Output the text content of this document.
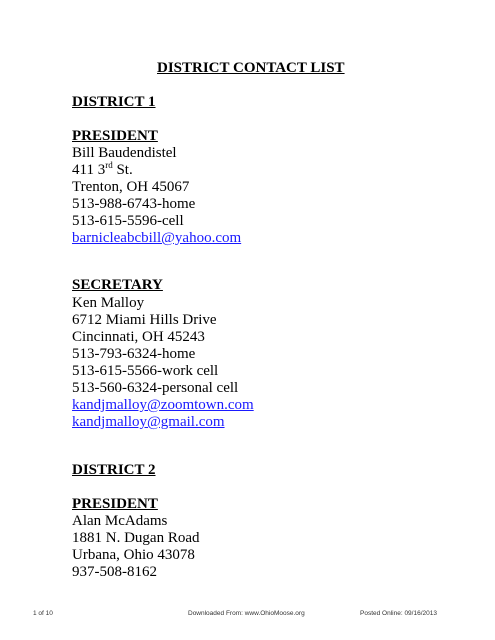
DISTRICT CONTACT LIST
DISTRICT 1
PRESIDENT
Bill Baudendistel
411 3rd St.
Trenton, OH 45067
513-988-6743-home
513-615-5596-cell
barnicleabcbill@yahoo.com
SECRETARY
Ken Malloy
6712 Miami Hills Drive
Cincinnati, OH 45243
513-793-6324-home
513-615-5566-work cell
513-560-6324-personal cell
kandjmalloy@zoomtown.com
kandjmalloy@gmail.com
DISTRICT 2
PRESIDENT
Alan McAdams
1881 N. Dugan Road
Urbana, Ohio 43078
937-508-8162
1 of 10	Downloaded From: www.OhioMoose.org	Posted Online: 09/16/2013
